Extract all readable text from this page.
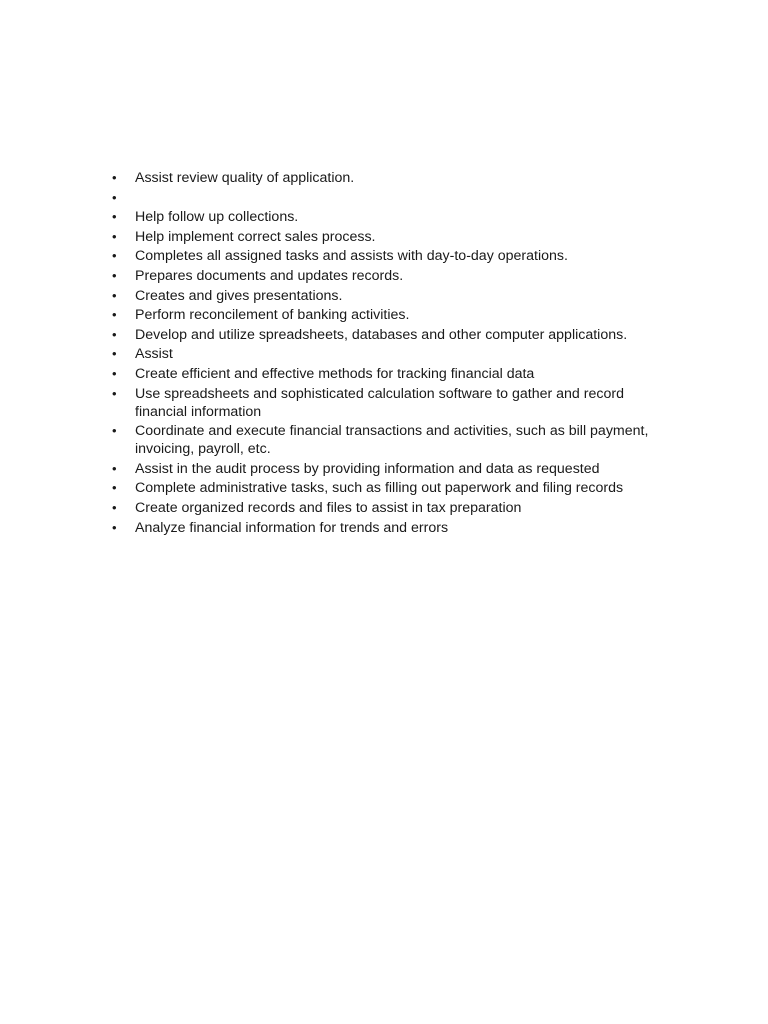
•	Assist review quality of application.
•
•	Help follow up collections.
•	Help implement correct sales process.
•	Completes all assigned tasks and assists with day-to-day operations.
•	Prepares documents and updates records.
•	Creates and gives presentations.
•	Perform reconcilement of banking activities.
•	Develop and utilize spreadsheets, databases and other computer applications.
•	Assist
•	Create efficient and effective methods for tracking financial data
•	Use spreadsheets and sophisticated calculation software to gather and record financial information
•	Coordinate and execute financial transactions and activities, such as bill payment, invoicing, payroll, etc.
•	Assist in the audit process by providing information and data as requested
•	Complete administrative tasks, such as filling out paperwork and filing records
•	Create organized records and files to assist in tax preparation
•	Analyze financial information for trends and errors
